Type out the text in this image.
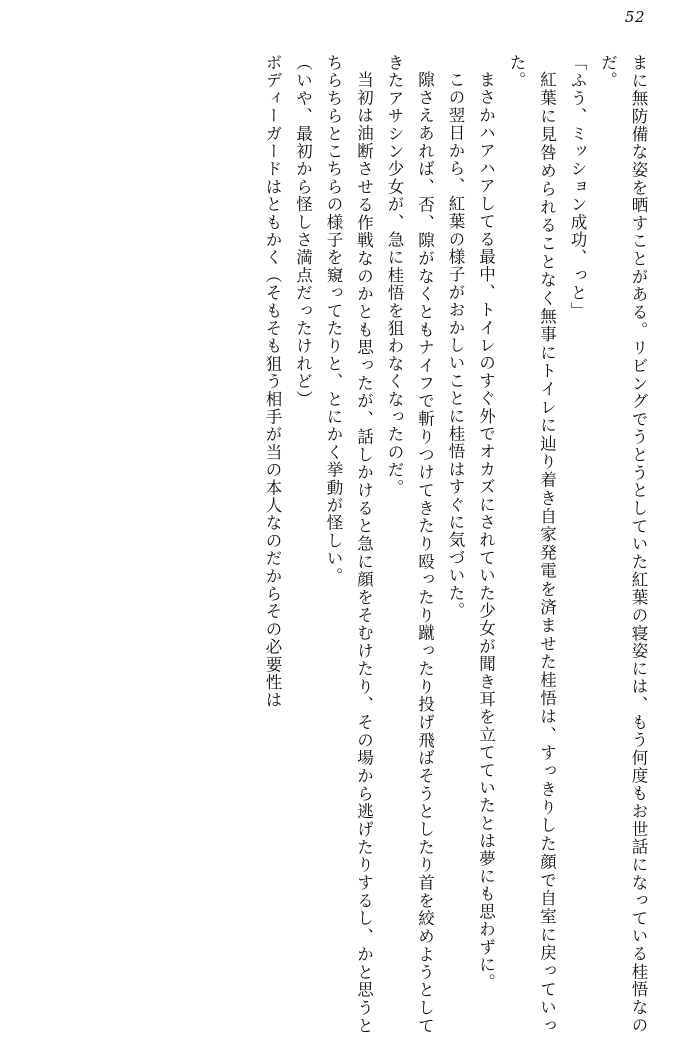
52

まに無防備な姿を晒すことがある。リビングでうとうとしていた紅葉の寝姿には、もう何度もお世話になっている桂悟なのだ。

「ふう、ミッション成功、っと」

紅葉に見咎められることなく無事にトイレに辿り着き自家発電を済ませた桂悟は、すっきりした顔で自室に戻っていった。

まさかハアハアしてる最中、トイレのすぐ外でオカズにされていた少女が聞き耳を立てていたとは夢にも思わずに。

この翌日から、紅葉の様子がおかしいことに桂悟はすぐに気づいた。

隙さえあれば、否、隙がなくともナイフで斬りつけてきたり殴ったり蹴ったり投げ飛ばそうとしたり首を絞めようとしてきたアサシン少女が、急に桂悟を狙わなくなったのだ。

当初は油断させる作戦なのかとも思ったが、話しかけると急に顔をそむけたり、その場から逃げたりするし、かと思うとちらちらとこちらの様子を窺ってたりと、とにかく挙動が怪しい。

（いや、最初から怪しさ満点だったけれど）

ボディーガードはともかく（そもそも狙う相手が当の本人なのだからその必要性は
